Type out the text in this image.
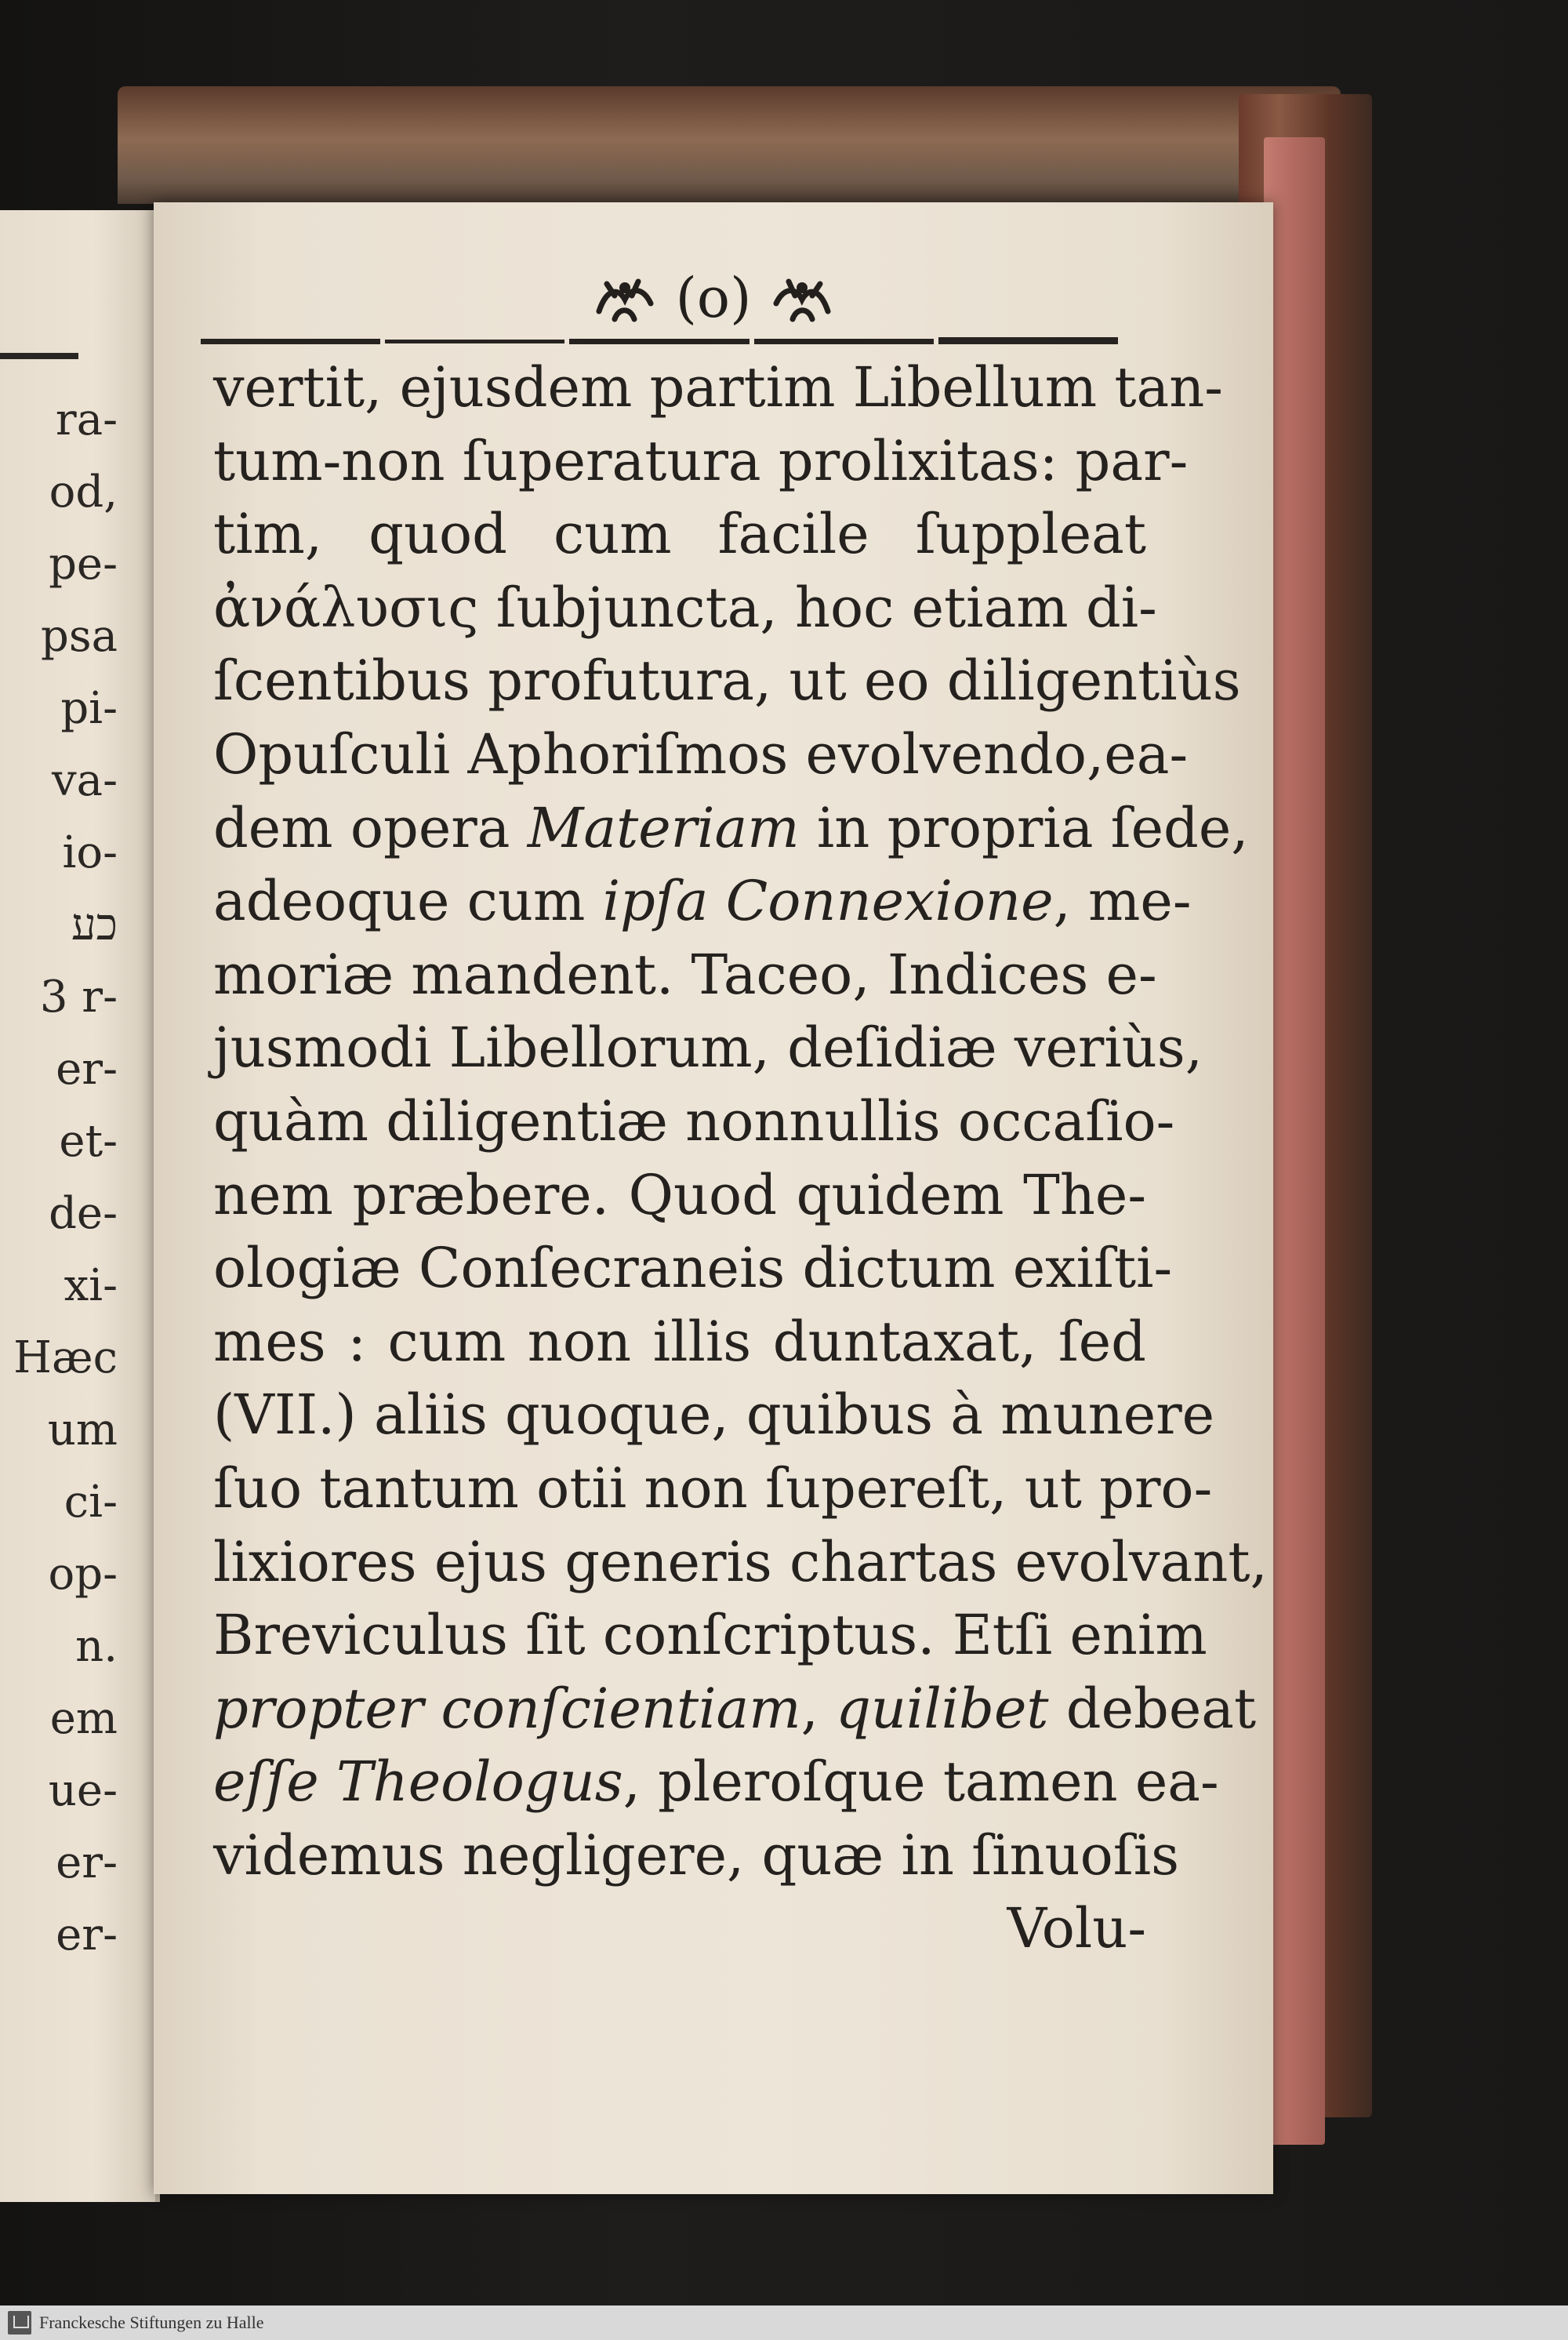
ra-
od,
pe-
psa
pi-
va-
io-
כע
3 r-
er-
et-
de-
xi-
Hæc
um
ci-
op-
n.
em
ue-
er-
er-
(o)
vertit, ejusdem partim Libellum tan-
tum-non ſuperatura prolixitas: par-
tim, quod cum facile ſuppleat
ἀνάλυσις ſubjuncta, hoc etiam di-
ſcentibus profutura, ut eo diligentiùs
Opuſculi Aphoriſmos evolvendo,ea-
dem opera Materiam in propria ſede,
adeoque cum ipſa Connexione, me-
moriæ mandent. Taceo, Indices e-
jusmodi Libellorum, deſidiæ veriùs,
quàm diligentiæ nonnullis occaſio-
nem præbere. Quod quidem The-
ologiæ Conſecraneis dictum exiſti-
mes : cum non illis duntaxat, ſed
(VII.) aliis quoque, quibus à munere
ſuo tantum otii non ſupereſt, ut pro-
lixiores ejus generis chartas evolvant,
Breviculus ſit conſcriptus. Etſi enim
propter conſcientiam, quilibet debeat
eſſe Theologus, pleroſque tamen ea-
videmus negligere, quæ in ſinuoſis
Volu-
Franckesche Stiftungen zu Halle
